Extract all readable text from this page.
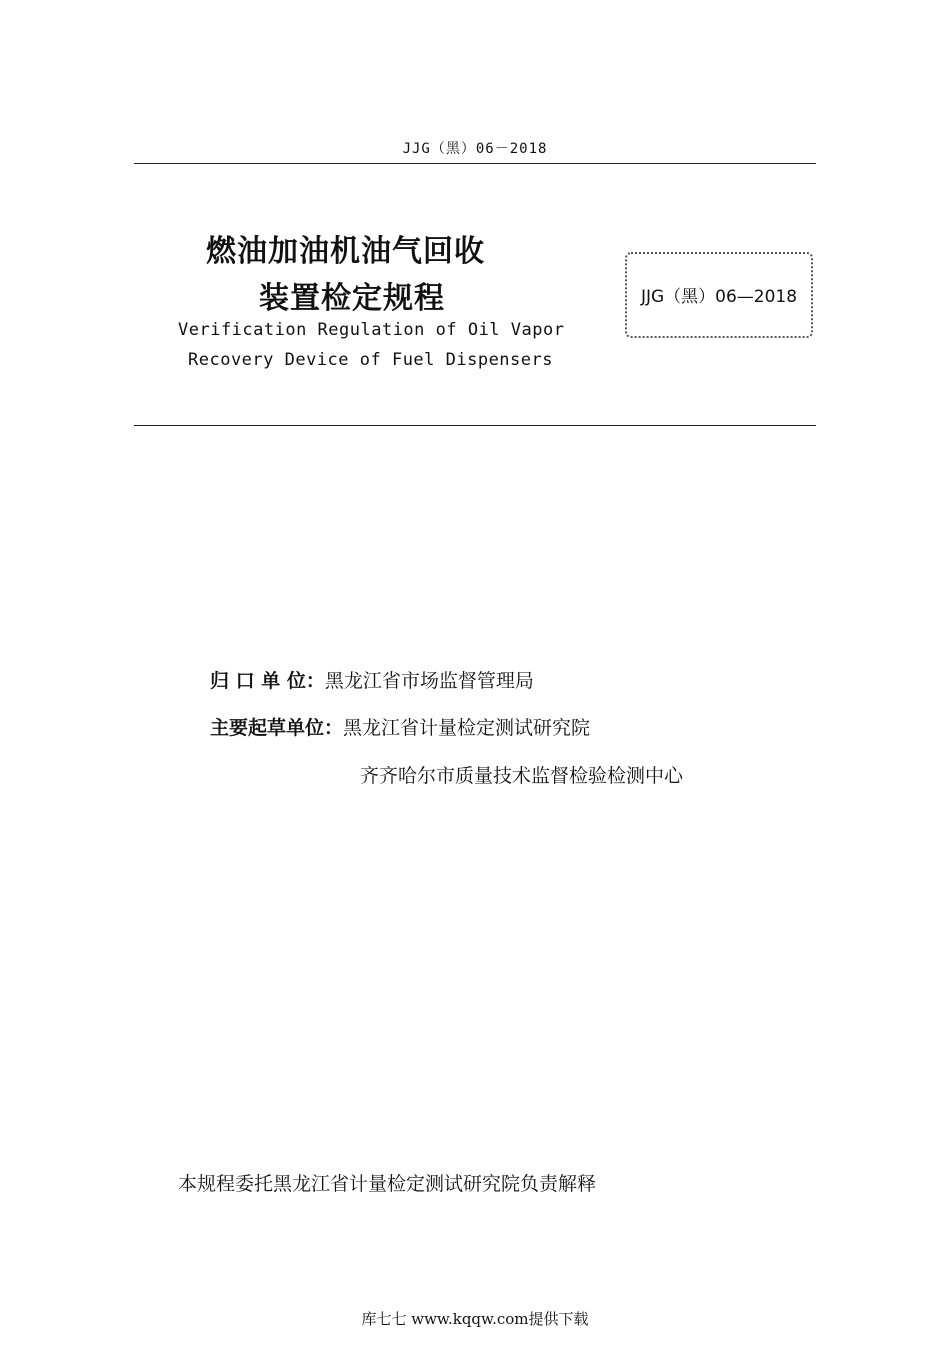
JJG（黑）06－2018
燃油加油机油气回收
装置检定规程
Verification Regulation of Oil Vapor
Recovery Device of Fuel Dispensers
JJG（黑）06—2018
归 口 单 位：黑龙江省市场监督管理局
主要起草单位：黑龙江省计量检定测试研究院
齐齐哈尔市质量技术监督检验检测中心
本规程委托黑龙江省计量检定测试研究院负责解释
库七七 www.kqqw.com提供下载
